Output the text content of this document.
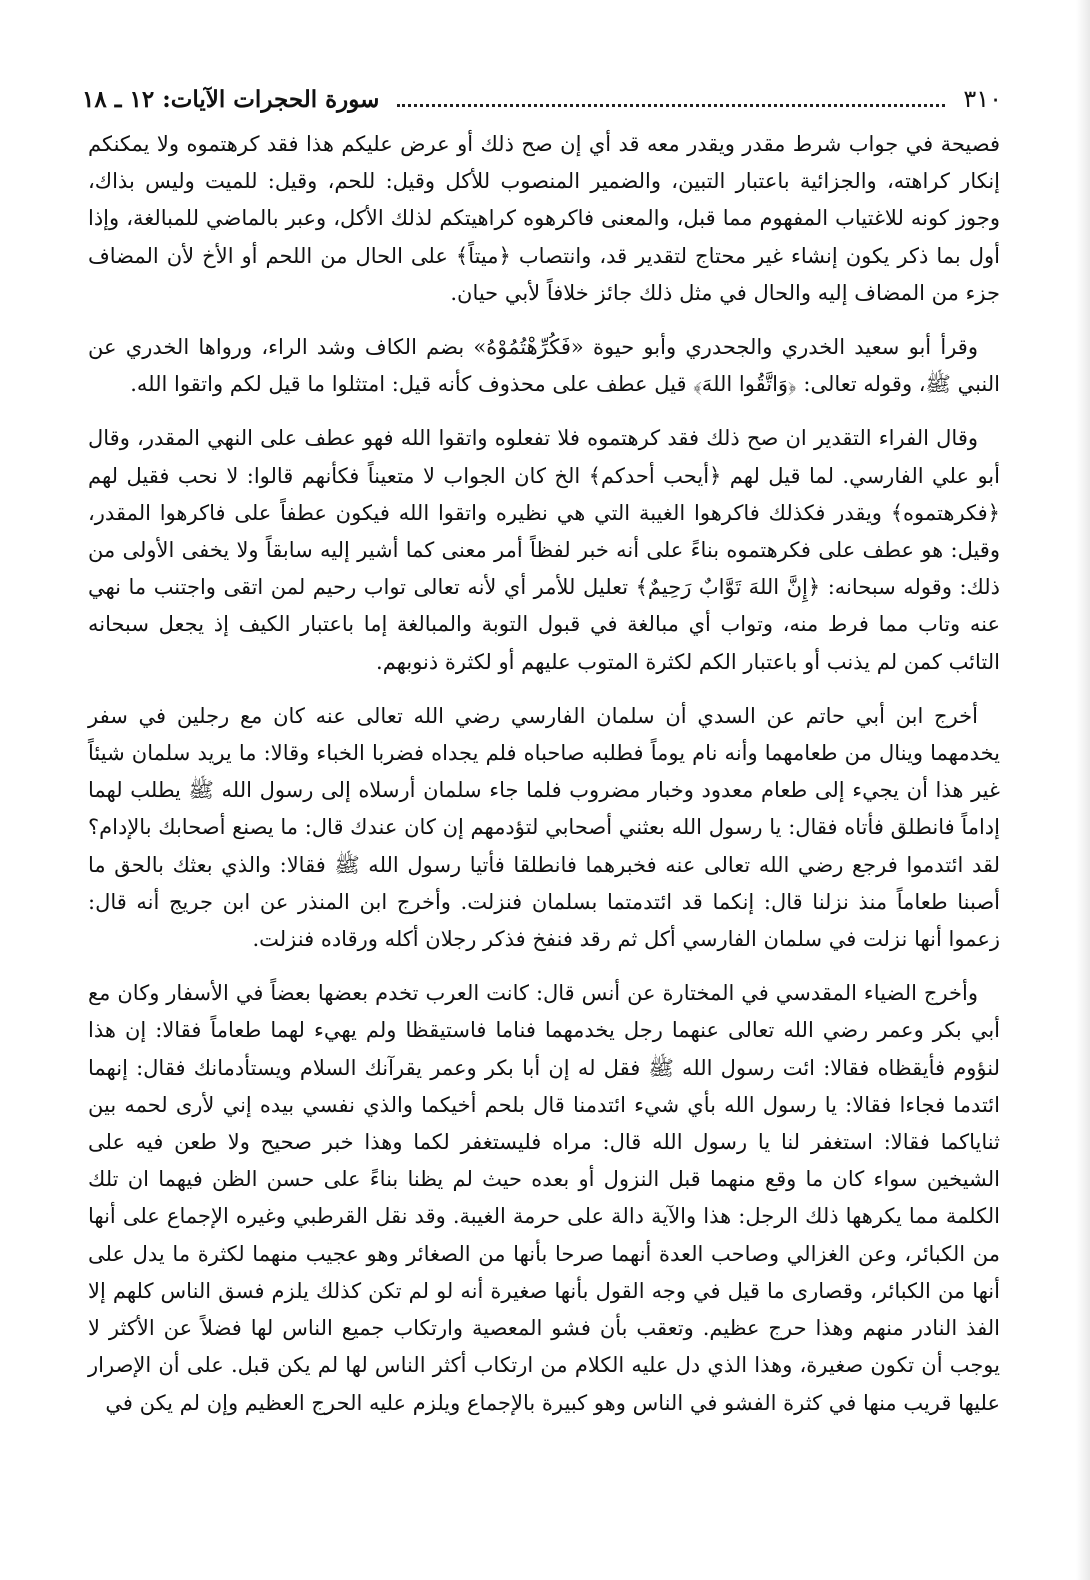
٣١٠
سورة الحجرات الآيات: ١٢ ـ ١٨

فصيحة في جواب شرط مقدر ويقدر معه قد أي إن صح ذلك أو عرض عليكم هذا فقد كرهتموه ولا يمكنكم إنكار كراهته، والجزائية باعتبار التبين، والضمير المنصوب للأكل وقيل: للحم، وقيل: للميت وليس بذاك، وجوز كونه للاغتياب المفهوم مما قبل، والمعنى فاكرهوه كراهيتكم لذلك الأكل، وعبر بالماضي للمبالغة، وإذا أول بما ذكر يكون إنشاء غير محتاج لتقدير قد، وانتصاب ﴿ميتاً﴾ على الحال من اللحم أو الأخ لأن المضاف جزء من المضاف إليه والحال في مثل ذلك جائز خلافاً لأبي حيان.

وقرأ أبو سعيد الخدري والجحدري وأبو حيوة «فَكُرِّهْتُمُوْهُ» بضم الكاف وشد الراء، ورواها الخدري عن النبي ﷺ، وقوله تعالى: ﴿وَاتَّقُوا اللهَ﴾ قيل عطف على محذوف كأنه قيل: امتثلوا ما قيل لكم واتقوا الله.

وقال الفراء التقدير ان صح ذلك فقد كرهتموه فلا تفعلوه واتقوا الله فهو عطف على النهي المقدر، وقال أبو علي الفارسي. لما قيل لهم ﴿أيحب أحدكم﴾ الخ كان الجواب لا متعيناً فكأنهم قالوا: لا نحب فقيل لهم ﴿فكرهتموه﴾ ويقدر فكذلك فاكرهوا الغيبة التي هي نظيره واتقوا الله فيكون عطفاً على فاكرهوا المقدر، وقيل: هو عطف على فكرهتموه بناءً على أنه خبر لفظاً أمر معنى كما أشير إليه سابقاً ولا يخفى الأولى من ذلك: وقوله سبحانه: ﴿إِنَّ اللهَ تَوَّابٌ رَحِيمٌ﴾ تعليل للأمر أي لأنه تعالى تواب رحيم لمن اتقى واجتنب ما نهي عنه وتاب مما فرط منه، وتواب أي مبالغة في قبول التوبة والمبالغة إما باعتبار الكيف إذ يجعل سبحانه التائب كمن لم يذنب أو باعتبار الكم لكثرة المتوب عليهم أو لكثرة ذنوبهم.

أخرج ابن أبي حاتم عن السدي أن سلمان الفارسي رضي الله تعالى عنه كان مع رجلين في سفر يخدمهما وينال من طعامهما وأنه نام يوماً فطلبه صاحباه فلم يجداه فضربا الخباء وقالا: ما يريد سلمان شيئاً غير هذا أن يجيء إلى طعام معدود وخبار مضروب فلما جاء سلمان أرسلاه إلى رسول الله ﷺ يطلب لهما إداماً فانطلق فأتاه فقال: يا رسول الله بعثني أصحابي لتؤدمهم إن كان عندك قال: ما يصنع أصحابك بالإدام؟ لقد ائتدموا فرجع رضي الله تعالى عنه فخبرهما فانطلقا فأتيا رسول الله ﷺ فقالا: والذي بعثك بالحق ما أصبنا طعاماً منذ نزلنا قال: إنكما قد ائتدمتما بسلمان فنزلت. وأخرج ابن المنذر عن ابن جريج أنه قال: زعموا أنها نزلت في سلمان الفارسي أكل ثم رقد فنفخ فذكر رجلان أكله ورقاده فنزلت.

وأخرج الضياء المقدسي في المختارة عن أنس قال: كانت العرب تخدم بعضها بعضاً في الأسفار وكان مع أبي بكر وعمر رضي الله تعالى عنهما رجل يخدمهما فناما فاستيقظا ولم يهيء لهما طعاماً فقالا: إن هذا لنؤوم فأيقظاه فقالا: ائت رسول الله ﷺ فقل له إن أبا بكر وعمر يقرآنك السلام ويستأدمانك فقال: إنهما ائتدما فجاءا فقالا: يا رسول الله بأي شيء ائتدمنا قال بلحم أخيكما والذي نفسي بيده إني لأرى لحمه بين ثناياكما فقالا: استغفر لنا يا رسول الله قال: مراه فليستغفر لكما وهذا خبر صحيح ولا طعن فيه على الشيخين سواء كان ما وقع منهما قبل النزول أو بعده حيث لم يظنا بناءً على حسن الظن فيهما ان تلك الكلمة مما يكرهها ذلك الرجل: هذا والآية دالة على حرمة الغيبة. وقد نقل القرطبي وغيره الإجماع على أنها من الكبائر، وعن الغزالي وصاحب العدة أنهما صرحا بأنها من الصغائر وهو عجيب منهما لكثرة ما يدل على أنها من الكبائر، وقصارى ما قيل في وجه القول بأنها صغيرة أنه لو لم تكن كذلك يلزم فسق الناس كلهم إلا الفذ النادر منهم وهذا حرج عظيم. وتعقب بأن فشو المعصية وارتكاب جميع الناس لها فضلاً عن الأكثر لا يوجب أن تكون صغيرة، وهذا الذي دل عليه الكلام من ارتكاب أكثر الناس لها لم يكن قبل. على أن الإصرار عليها قريب منها في كثرة الفشو في الناس وهو كبيرة بالإجماع ويلزم عليه الحرج العظيم وإن لم يكن في
